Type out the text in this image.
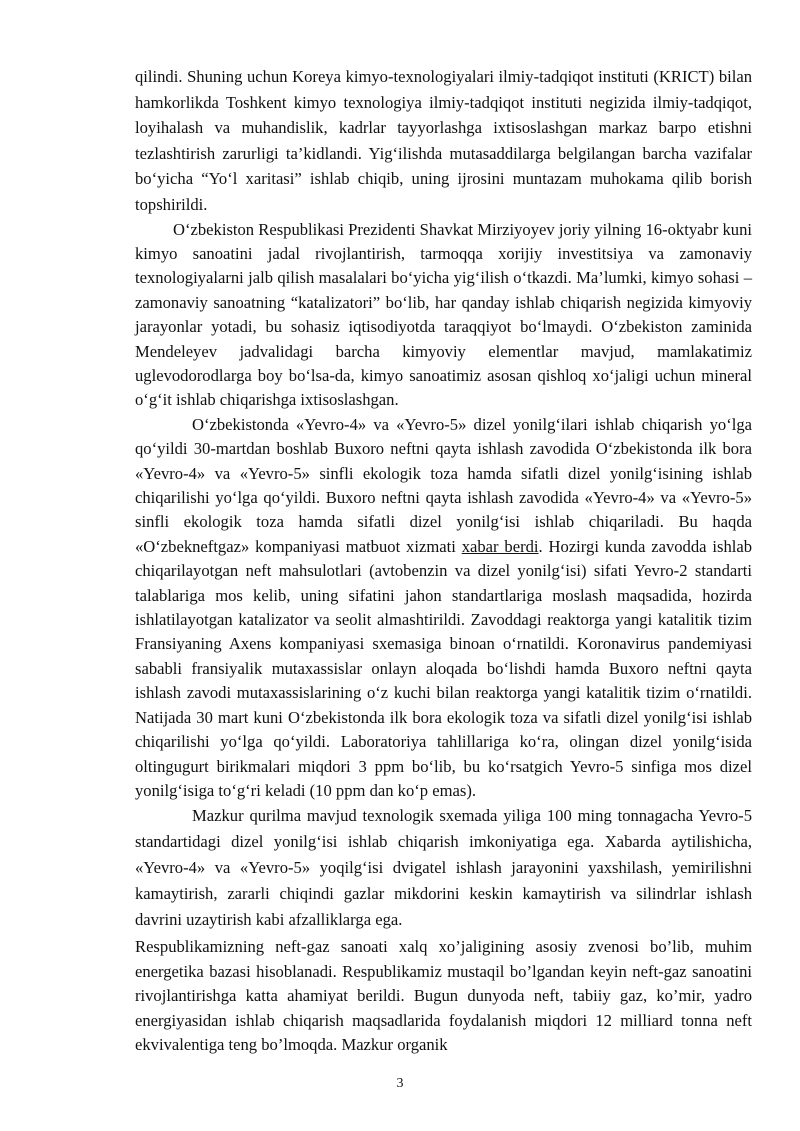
qilindi. Shuning uchun Koreya kimyo-texnologiyalari ilmiy-tadqiqot instituti (KRICT) bilan hamkorlikda Toshkent kimyo texnologiya ilmiy-tadqiqot instituti negizida ilmiy-tadqiqot, loyihalash va muhandislik, kadrlar tayyorlashga ixtisoslashgan markaz barpo etishni tezlashtirish zarurligi ta’kidlandi. Yig‘ilishda mutasaddilarga belgilangan barcha vazifalar bo‘yicha “Yo‘l xaritasi” ishlab chiqib, uning ijrosini muntazam muhokama qilib borish topshirildi.

O‘zbekiston Respublikasi Prezidenti Shavkat Mirziyoyev joriy yilning 16-oktyabr kuni kimyo sanoatini jadal rivojlantirish, tarmoqqa xorijiy investitsiya va zamonaviy texnologiyalarni jalb qilish masalalari bo‘yicha yig‘ilish o‘tkazdi. Ma’lumki, kimyo sohasi – zamonaviy sanoatning “katalizatori” bo‘lib, har qanday ishlab chiqarish negizida kimyoviy jarayonlar yotadi, bu sohasiz iqtisodiyotda taraqqiyot bo‘lmaydi. O‘zbekiston zaminida Mendeleyev jadvalidagi barcha kimyoviy elementlar mavjud, mamlakatimiz uglevodorodlarga boy bo‘lsa-da, kimyo sanoatimiz asosan qishloq xo‘jaligi uchun mineral o‘g‘it ishlab chiqarishga ixtisoslashgan.

O‘zbekistonda «Yevro-4» va «Yevro-5» dizel yonilg‘ilari ishlab chiqarish yo‘lga qo‘yildi 30-martdan boshlab Buxoro neftni qayta ishlash zavodida O‘zbekistonda ilk bora «Yevro-4» va «Yevro-5» sinfli ekologik toza hamda sifatli dizel yonilg‘isining ishlab chiqarilishi yo‘lga qo‘yildi. Buxoro neftni qayta ishlash zavodida «Yevro-4» va «Yevro-5» sinfli ekologik toza hamda sifatli dizel yonilg‘isi ishlab chiqariladi. Bu haqda «O‘zbekneftgaz» kompaniyasi matbuot xizmati xabar berdi. Hozirgi kunda zavodda ishlab chiqarilayotgan neft mahsulotlari (avtobenzin va dizel yonilg‘isi) sifati Yevro-2 standarti talablariga mos kelib, uning sifatini jahon standartlariga moslash maqsadida, hozirda ishlatilayotgan katalizator va seolit almashtirildi. Zavoddagi reaktorga yangi katalitik tizim Fransiyaning Axens kompaniyasi sxemasiga binoan o‘rnatildi. Koronavirus pandemiyasi sababli fransiyalik mutaxassislar onlayn aloqada bo‘lishdi hamda Buxoro neftni qayta ishlash zavodi mutaxassislarining o‘z kuchi bilan reaktorga yangi katalitik tizim o‘rnatildi. Natijada 30 mart kuni O‘zbekistonda ilk bora ekologik toza va sifatli dizel yonilg‘isi ishlab chiqarilishi yo‘lga qo‘yildi. Laboratoriya tahlillariga ko‘ra, olingan dizel yonilg‘isida oltingugurt birikmalari miqdori 3 ppm bo‘lib, bu ko‘rsatgich Yevro-5 sinfiga mos dizel yonilg‘isiga to‘g‘ri keladi (10 ppm dan ko‘p emas).

Mazkur qurilma mavjud texnologik sxemada yiliga 100 ming tonnagacha Yevro-5 standartidagi dizel yonilg‘isi ishlab chiqarish imkoniyatiga ega. Xabarda aytilishicha, «Yevro-4» va «Yevro-5» yoqilg‘isi dvigatel ishlash jarayonini yaxshilash, yemirilishni kamaytirish, zararli chiqindi gazlar mikdorini keskin kamaytirish va silindrlar ishlash davrini uzaytirish kabi afzalliklarga ega.

Respublikamizning neft-gaz sanoati xalq xo’jaligining asosiy zvenosi bo’lib, muhim energetika bazasi hisoblanadi. Respublikamiz mustaqil bo’lgandan keyin neft-gaz sanoatini rivojlantirishga katta ahamiyat berildi. Bugun dunyoda neft, tabiiy gaz, ko’mir, yadro energiyasidan ishlab chiqarish maqsadlarida foydalanish miqdori 12 milliard tonna neft ekvivalentiga teng bo’lmoqda. Mazkur organik

3
